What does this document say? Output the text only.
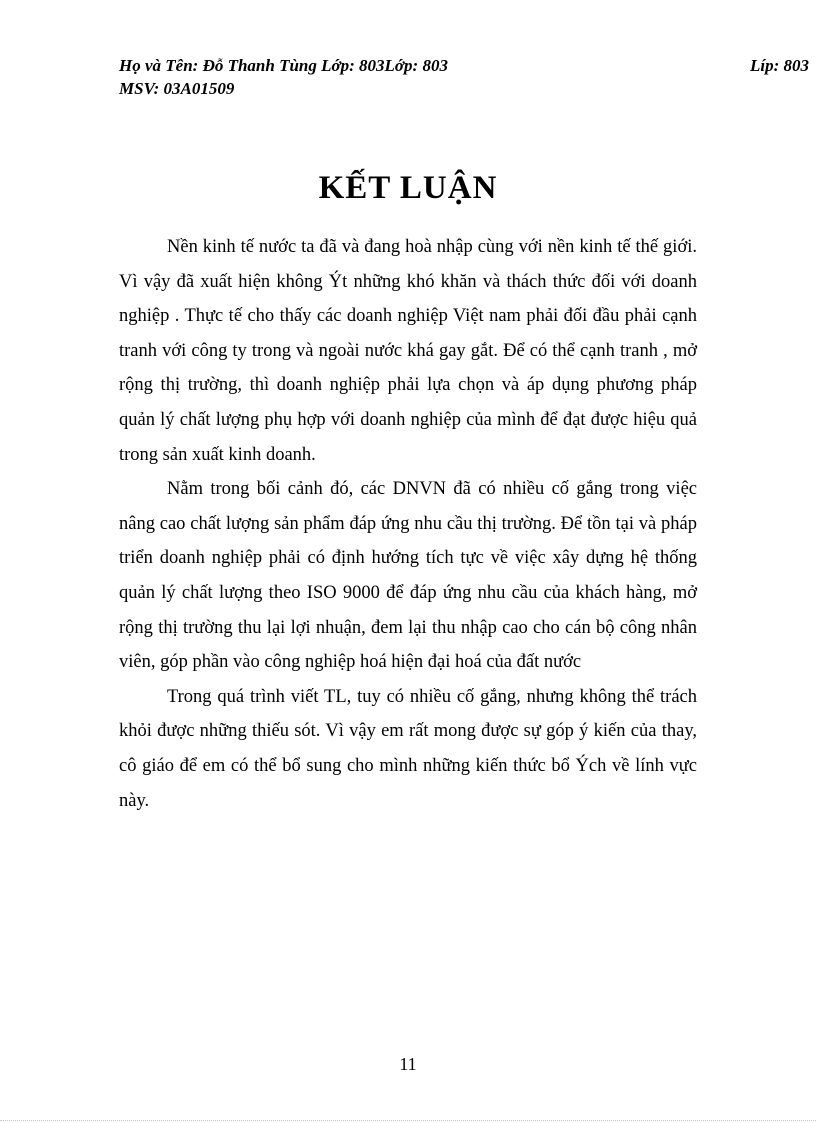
Họ và Tên: Đỗ Thanh Tùng Lớp: 803Lớp: 803
MSV: 03A01509
Líp: 803
KẾT LUẬN

Nền kinh tế nước ta đã và đang hoà nhập cùng với nền kinh tế thế giới. Vì vậy đã xuất hiện không Ýt những khó khăn và thách thức đối với doanh nghiệp . Thực tế cho thấy các doanh nghiệp Việt nam phải đối đầu phải cạnh tranh với công ty trong và ngoài nước khá gay gắt. Để có thể cạnh tranh , mở rộng thị trường, thì doanh nghiệp phải lựa chọn và áp dụng phương pháp quản lý chất lượng phụ hợp với doanh nghiệp của mình để đạt được hiệu quả trong sản xuất kinh doanh.

Nằm trong bối cảnh đó, các DNVN đã có nhiều cố gắng trong việc nâng cao chất lượng sản phẩm đáp ứng nhu cầu thị trường. Để tồn tại và pháp triển doanh nghiệp phải có định hướng tích tực về việc xây dựng hệ thống quản lý chất lượng theo ISO 9000 để đáp ứng nhu cầu của khách hàng, mở rộng thị trường thu lại lợi nhuận, đem lại thu nhập cao cho cán bộ công nhân viên, góp phần vào công nghiệp hoá hiện đại hoá của đất nước

Trong quá trình viết TL, tuy có nhiều cố gắng, nhưng không thể trách khỏi được những thiếu sót. Vì vậy em rất mong được sự góp ý kiến của thay, cô giáo để em có thể bổ sung cho mình những kiến thức bổ Ých về lính vực này.

11
